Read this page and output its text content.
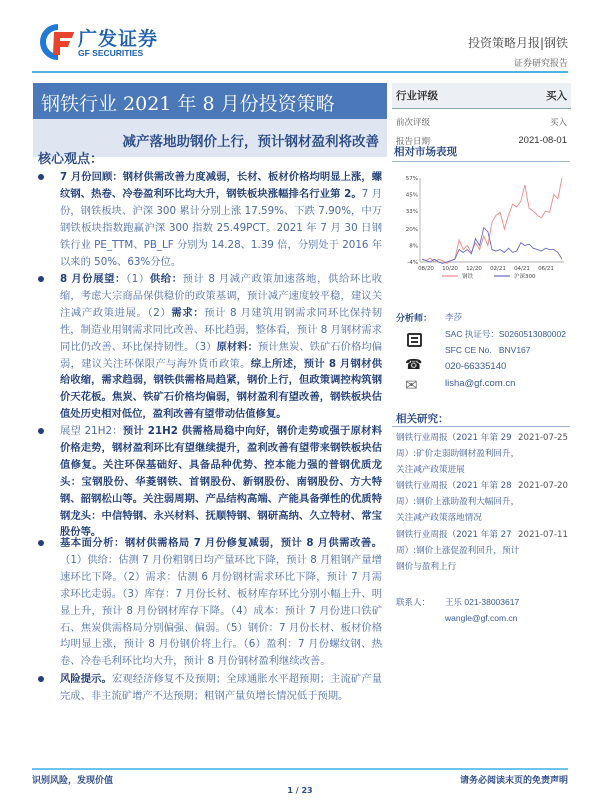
广发证券
GF SECURITIES
投资策略月报|钢铁
证券研究报告
钢铁行业 2021 年 8 月份投资策略
减产落地助钢价上行，预计钢材盈利将改善
行业评级	买入
前次评级	买入
报告日期	2021-08-01
核心观点：
7 月份回顾：钢材供需改善力度减弱，长材、板材价格均明显上涨，螺纹钢、热卷、冷卷盈利环比均大升，钢铁板块涨幅排名行业第 2。7 月份，钢铁板块、沪深 300 累计分别上涨 17.59%、下跌 7.90%，中万钢铁板块指数跑赢沪深 300 指数 25.49PCT。2021 年 7 月 30 日钢铁行业 PE_TTM、PB_LF 分别为 14.28、1.39 倍，分别处于 2016 年以来的 50%、63%分位。
8 月份展望：（1）供给：预计 8 月减产政策加速落地，供给环比收缩，考虑大宗商品保供稳价的政策基调，预计减产速度较平稳，建议关注减产政策进展。（2）需求：预计 8 月建筑用钢需求同环比保持韧性，制造业用钢需求同比改善、环比趋弱，整体看，预计 8 月钢材需求同比仍改善、环比保持韧性。（3）原材料：预计焦炭、铁矿石价格均偏弱，建议关注环保限产与海外货币政策。综上所述，预计 8 月钢材供给收缩，需求趋弱，钢铁供需格局趋紧，钢价上行，但政策调控构筑钢价天花板。焦炭、铁矿石价格均偏弱，钢材盈利有望改善，钢铁板块估值处历史相对低位，盈利改善有望带动估值修复。
展望 21H2：预计 21H2 供需格局稳中向好，钢价走势或强于原材料价格走势，钢材盈利环比有望继续提升，盈利改善有望带来钢铁板块估值修复。关注环保基础好、具备品种优势、控本能力强的普钢优质龙头：宝钢股份、华菱钢铁、首钢股份、新钢股份、南钢股份、方大特钢、韶钢松山等。关注弱周期、产品结构高端、产能具备弹性的优质特钢龙头：中信特钢、永兴材料、抚顺特钢、钢研高纳、久立特材、常宝股份等。
基本面分析：钢材供需格局 7 月份修复减弱，预计 8 月供需改善。（1）供给：估测 7 月份粗钢日均产量环比下降，预计 8 月粗钢产量增速环比下降。（2）需求：估测 6 月份钢材需求环比下降，预计 7 月需求环比走弱。（3）库存：7 月份长材、板材库存环比分别小幅上升、明显上升，预计 8 月份钢材库存下降。（4）成本：预计 7 月份进口铁矿石、焦炭供需格局分别偏强、偏弱。（5）钢价：7 月份长材、板材价格均明显上涨，预计 8 月份钢价将上行。（6）盈利：7 月份螺纹钢、热卷、冷卷毛利环比均大升，预计 8 月份钢材盈利继续改善。
风险提示。宏观经济修复不及预期；全球通胀水平超预期；主流矿产量完成、非主流矿增产不达预期；粗钢产量负增长情况低于预期。
相对市场表现
57%
45%
33%
20%
8%
-4%
08/20 10/20 12/20 02/21 04/21 06/21
钢铁	沪深300
分析师： 李莎
SAC 执证号：S0260513080002
SFC CE No.   BNV167
☎ 020-66335140
✉	lisha@gf.com.cn
相关研究：
钢铁行业周报（2021 年第 29 周）:矿价走弱助钢材盈利回升，关注减产政策进展
2021-07-25
钢铁行业周报（2021 年第 28 周）:钢价上涨助盈利大幅回升，关注减产政策落地情况
2021-07-20
钢铁行业周报（2021 年第 27 周）:钢价上涨促盈利回升，预计钢价与盈利上行
2021-07-11
联系人： 王乐 021-38003617
wangle@gf.com.cn
识别风险，发现价值	请务必阅读末页的免责声明
1 / 23
